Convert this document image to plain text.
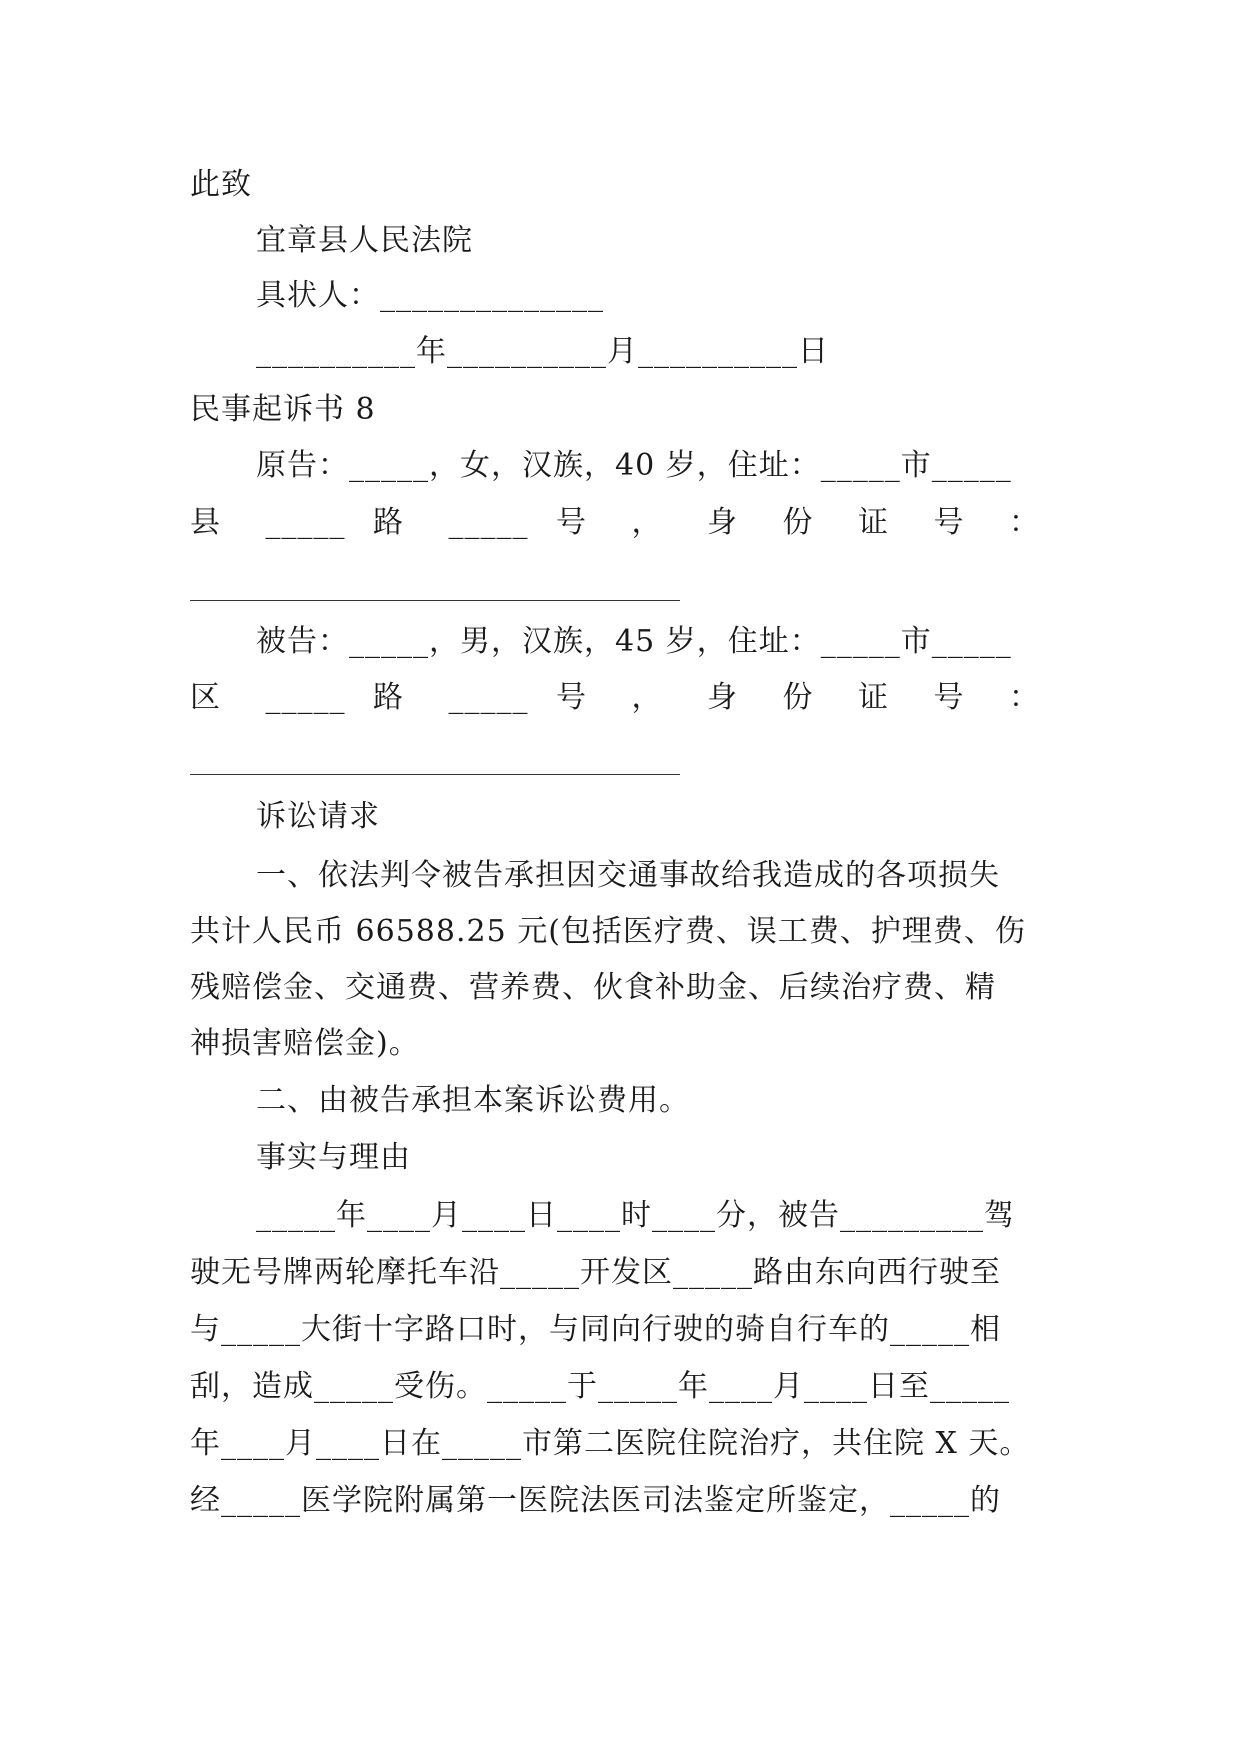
此致
宜章县人民法院
具状人：______________
__________年__________月__________日
民事起诉书 8
原告：_____，女，汉族，40 岁，住址：_____市_____
县 _____ 路 _____ 号 ， 身 份 证 号 ：
被告：_____，男，汉族，45 岁，住址：_____市_____
区 _____ 路 _____ 号 ， 身 份 证 号 ：
诉讼请求
一、依法判令被告承担因交通事故给我造成的各项损失
共计人民币 66588.25 元(包括医疗费、误工费、护理费、伤
残赔偿金、交通费、营养费、伙食补助金、后续治疗费、精
神损害赔偿金)。
二、由被告承担本案诉讼费用。
事实与理由
_____年____月____日____时____分，被告_________驾
驶无号牌两轮摩托车沿_____开发区_____路由东向西行驶至
与_____大街十字路口时，与同向行驶的骑自行车的_____相
刮，造成_____受伤。_____于_____年____月____日至_____
年____月____日在_____市第二医院住院治疗，共住院 X 天。
经_____医学院附属第一医院法医司法鉴定所鉴定，_____的
